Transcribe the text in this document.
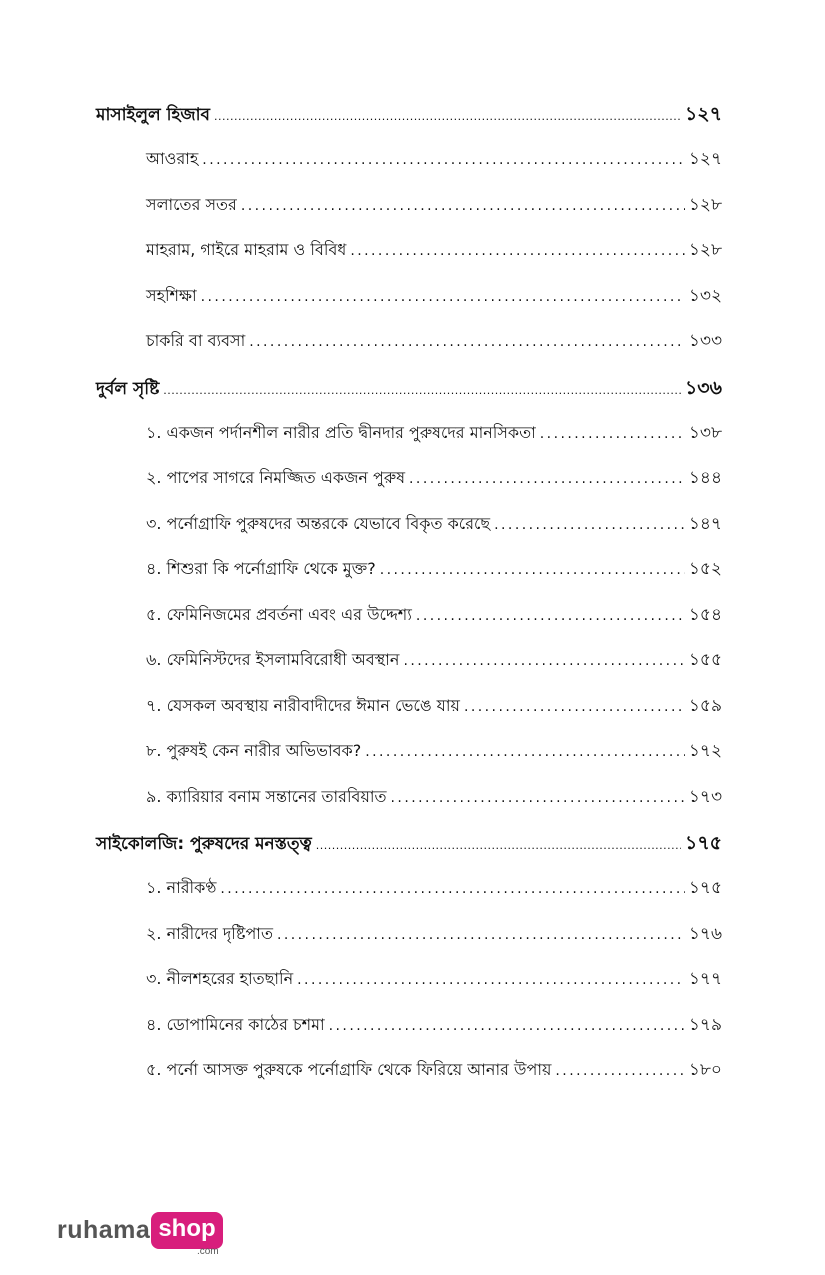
মাসাইলুল হিজাব . . .	১২৭
আওরাহ . . .	১২৭
সলাতের সতর . . .	১২৮
মাহরাম, গাইরে মাহরাম ও বিবিধ . . .	১২৮
সহশিক্ষা . . .	১৩২
চাকরি বা ব্যবসা . . .	১৩৩
দুর্বল সৃষ্টি . . .	১৩৬
১. একজন পর্দানশীল নারীর প্রতি দ্বীনদার পুরুষদের মানসিকতা . . .	১৩৮
২. পাপের সাগরে নিমজ্জিত একজন পুরুষ . . .	১৪৪
৩. পর্নোগ্রাফি পুরুষদের অন্তরকে যেভাবে বিকৃত করেছে . . .	১৪৭
৪. শিশুরা কি পর্নোগ্রাফি থেকে মুক্ত? . . .	১৫২
৫. ফেমিনিজমের প্রবর্তনা এবং এর উদ্দেশ্য . . .	১৫৪
৬. ফেমিনিস্টদের ইসলামবিরোধী অবস্থান . . .	১৫৫
৭. যেসকল অবস্থায় নারীবাদীদের ঈমান ভেঙে যায় . . .	১৫৯
৮. পুরুষই কেন নারীর অভিভাবক? . . .	১৭২
৯. ক্যারিয়ার বনাম সন্তানের তারবিয়াত . . .	১৭৩
সাইকোলজি: পুরুষদের মনস্তত্ত্ব . . .	১৭৫
১. নারীকণ্ঠ . . .	১৭৫
২. নারীদের দৃষ্টিপাত . . .	১৭৬
৩. নীলশহরের হাতছানি . . .	১৭৭
৪. ডোপামিনের কাঠের চশমা . . .	১৭৯
৫. পর্নো আসক্ত পুরুষকে পর্নোগ্রাফি থেকে ফিরিয়ে আনার উপায় . . .	১৮০
ruhama shop
.com
